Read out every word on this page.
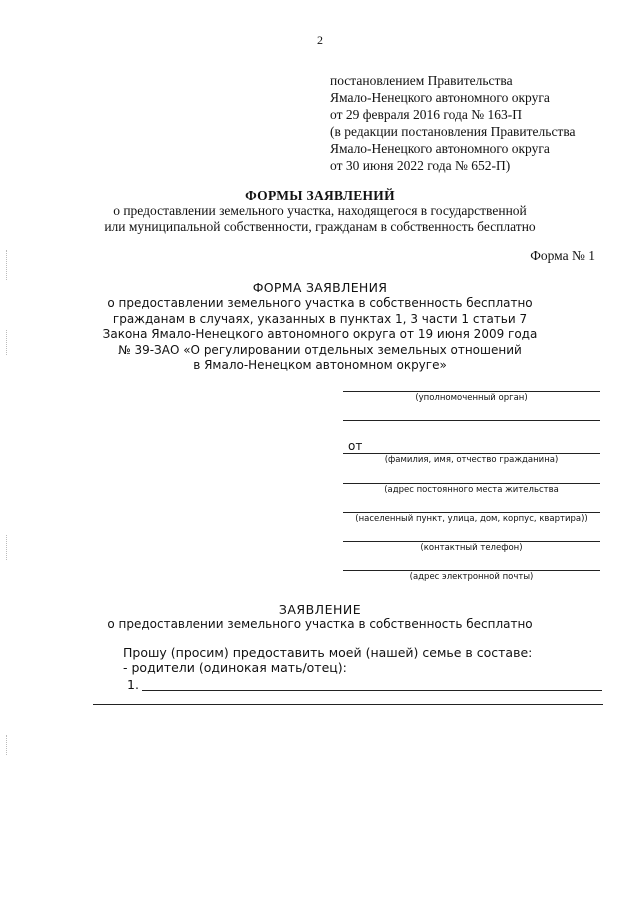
2
постановлением Правительства
Ямало-Ненецкого автономного округа
от 29 февраля 2016 года № 163-П
(в редакции постановления Правительства
Ямало-Ненецкого автономного округа
от 30 июня 2022 года № 652-П)
ФОРМЫ ЗАЯВЛЕНИЙ
о предоставлении земельного участка, находящегося в государственной
или муниципальной собственности, гражданам в собственность бесплатно
Форма № 1
ФОРМА ЗАЯВЛЕНИЯ
о предоставлении земельного участка в собственность бесплатно
гражданам в случаях, указанных в пунктах 1, 3 части 1 статьи 7
Закона Ямало-Ненецкого автономного округа от 19 июня 2009 года
№ 39-ЗАО «О регулировании отдельных земельных отношений
в Ямало-Ненецком автономном округе»
(уполномоченный орган)
от
(фамилия, имя, отчество гражданина)
(адрес постоянного места жительства
(населенный пункт, улица, дом, корпус, квартира))
(контактный телефон)
(адрес электронной почты)
ЗАЯВЛЕНИЕ
о предоставлении земельного участка в собственность бесплатно
Прошу (просим) предоставить моей (нашей) семье в составе:
- родители (одинокая мать/отец):
1.
